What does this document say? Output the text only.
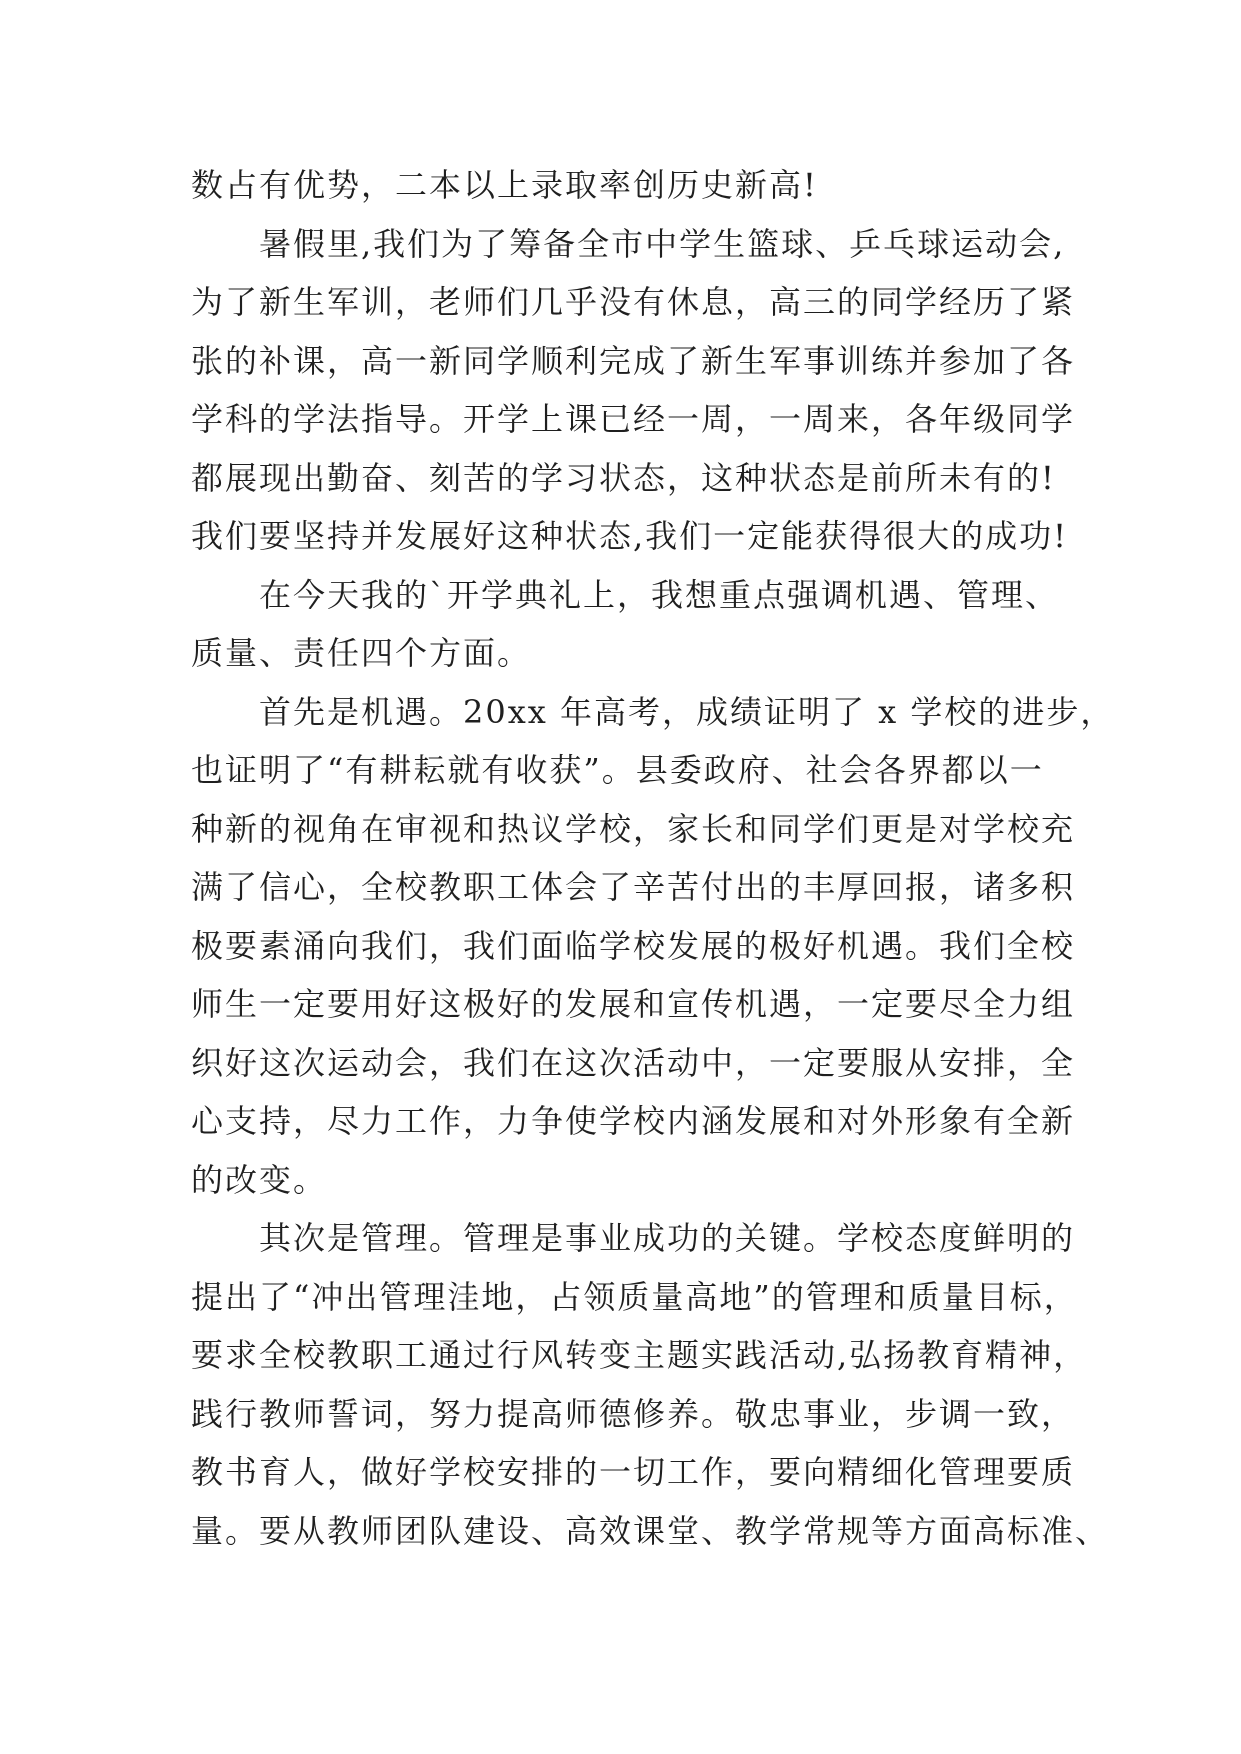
数占有优势，二本以上录取率创历史新高!
暑假里,我们为了筹备全市中学生篮球、乒乓球运动会,
为了新生军训，老师们几乎没有休息，高三的同学经历了紧
张的补课，高一新同学顺利完成了新生军事训练并参加了各
学科的学法指导。开学上课已经一周，一周来，各年级同学
都展现出勤奋、刻苦的学习状态，这种状态是前所未有的!
我们要坚持并发展好这种状态,我们一定能获得很大的成功!
在今天我的`开学典礼上，我想重点强调机遇、管理、
质量、责任四个方面。
首先是机遇。20xx 年高考，成绩证明了 x 学校的进步，
也证明了“有耕耘就有收获”。县委政府、社会各界都以一
种新的视角在审视和热议学校，家长和同学们更是对学校充
满了信心，全校教职工体会了辛苦付出的丰厚回报，诸多积
极要素涌向我们，我们面临学校发展的极好机遇。我们全校
师生一定要用好这极好的发展和宣传机遇，一定要尽全力组
织好这次运动会，我们在这次活动中，一定要服从安排，全
心支持，尽力工作，力争使学校内涵发展和对外形象有全新
的改变。
其次是管理。管理是事业成功的关键。学校态度鲜明的
提出了“冲出管理洼地，占领质量高地”的管理和质量目标，
要求全校教职工通过行风转变主题实践活动,弘扬教育精神，
践行教师誓词，努力提高师德修养。敬忠事业，步调一致，
教书育人，做好学校安排的一切工作，要向精细化管理要质
量。要从教师团队建设、高效课堂、教学常规等方面高标准、
